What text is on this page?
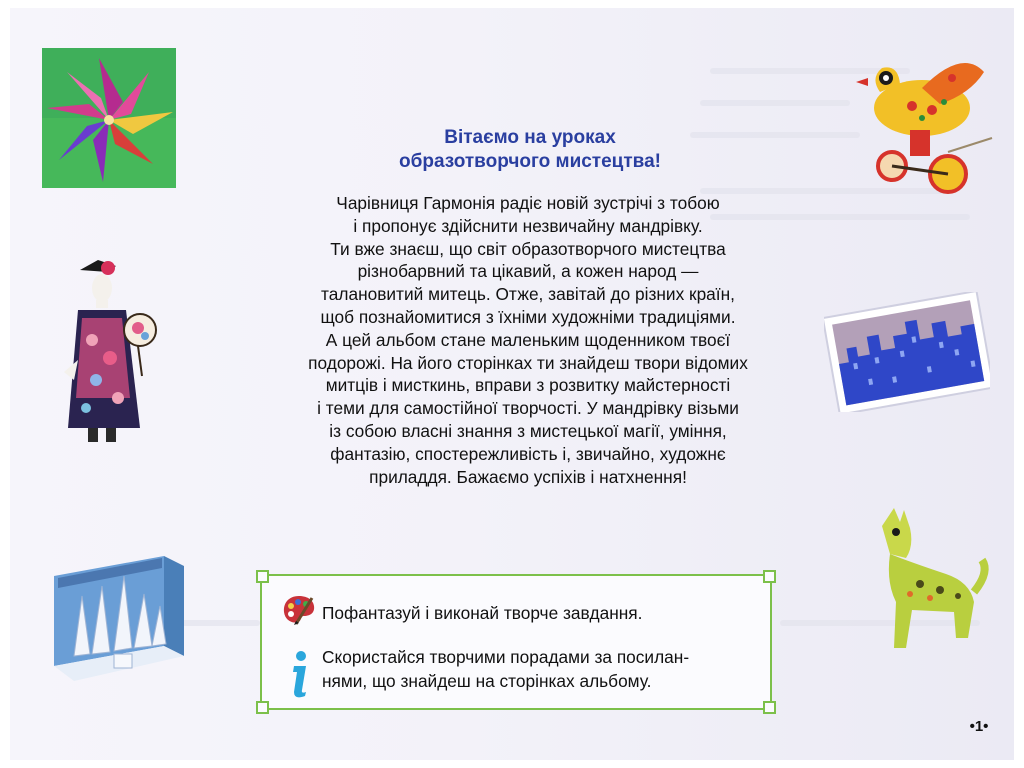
Вітаємо на уроках
образотворчого мистецтва!
Чарівниця Гармонія радіє новій зустрічі з тобою
і пропонує здійснити незвичайну мандрівку.
Ти вже знаєш, що світ образотворчого мистецтва
різнобарвний та цікавий, а кожен народ —
талановитий митець. Отже, завітай до різних країн,
щоб познайомитися з їхніми художніми традиціями.
А цей альбом стане маленьким щоденником твоєї
подорожі. На його сторінках ти знайдеш твори відомих
митців і мисткинь, вправи з розвитку майстерності
і теми для самостійної творчості. У мандрівку візьми
із собою власні знання з мистецької магії, уміння,
фантазію, спостережливість і, звичайно, художнє
приладдя. Бажаємо успіхів і натхнення!
Пофантазуй і виконай творче завдання.
Скористайся творчими порадами за посилан-
нями, що знайдеш на сторінках альбому.
•1•
